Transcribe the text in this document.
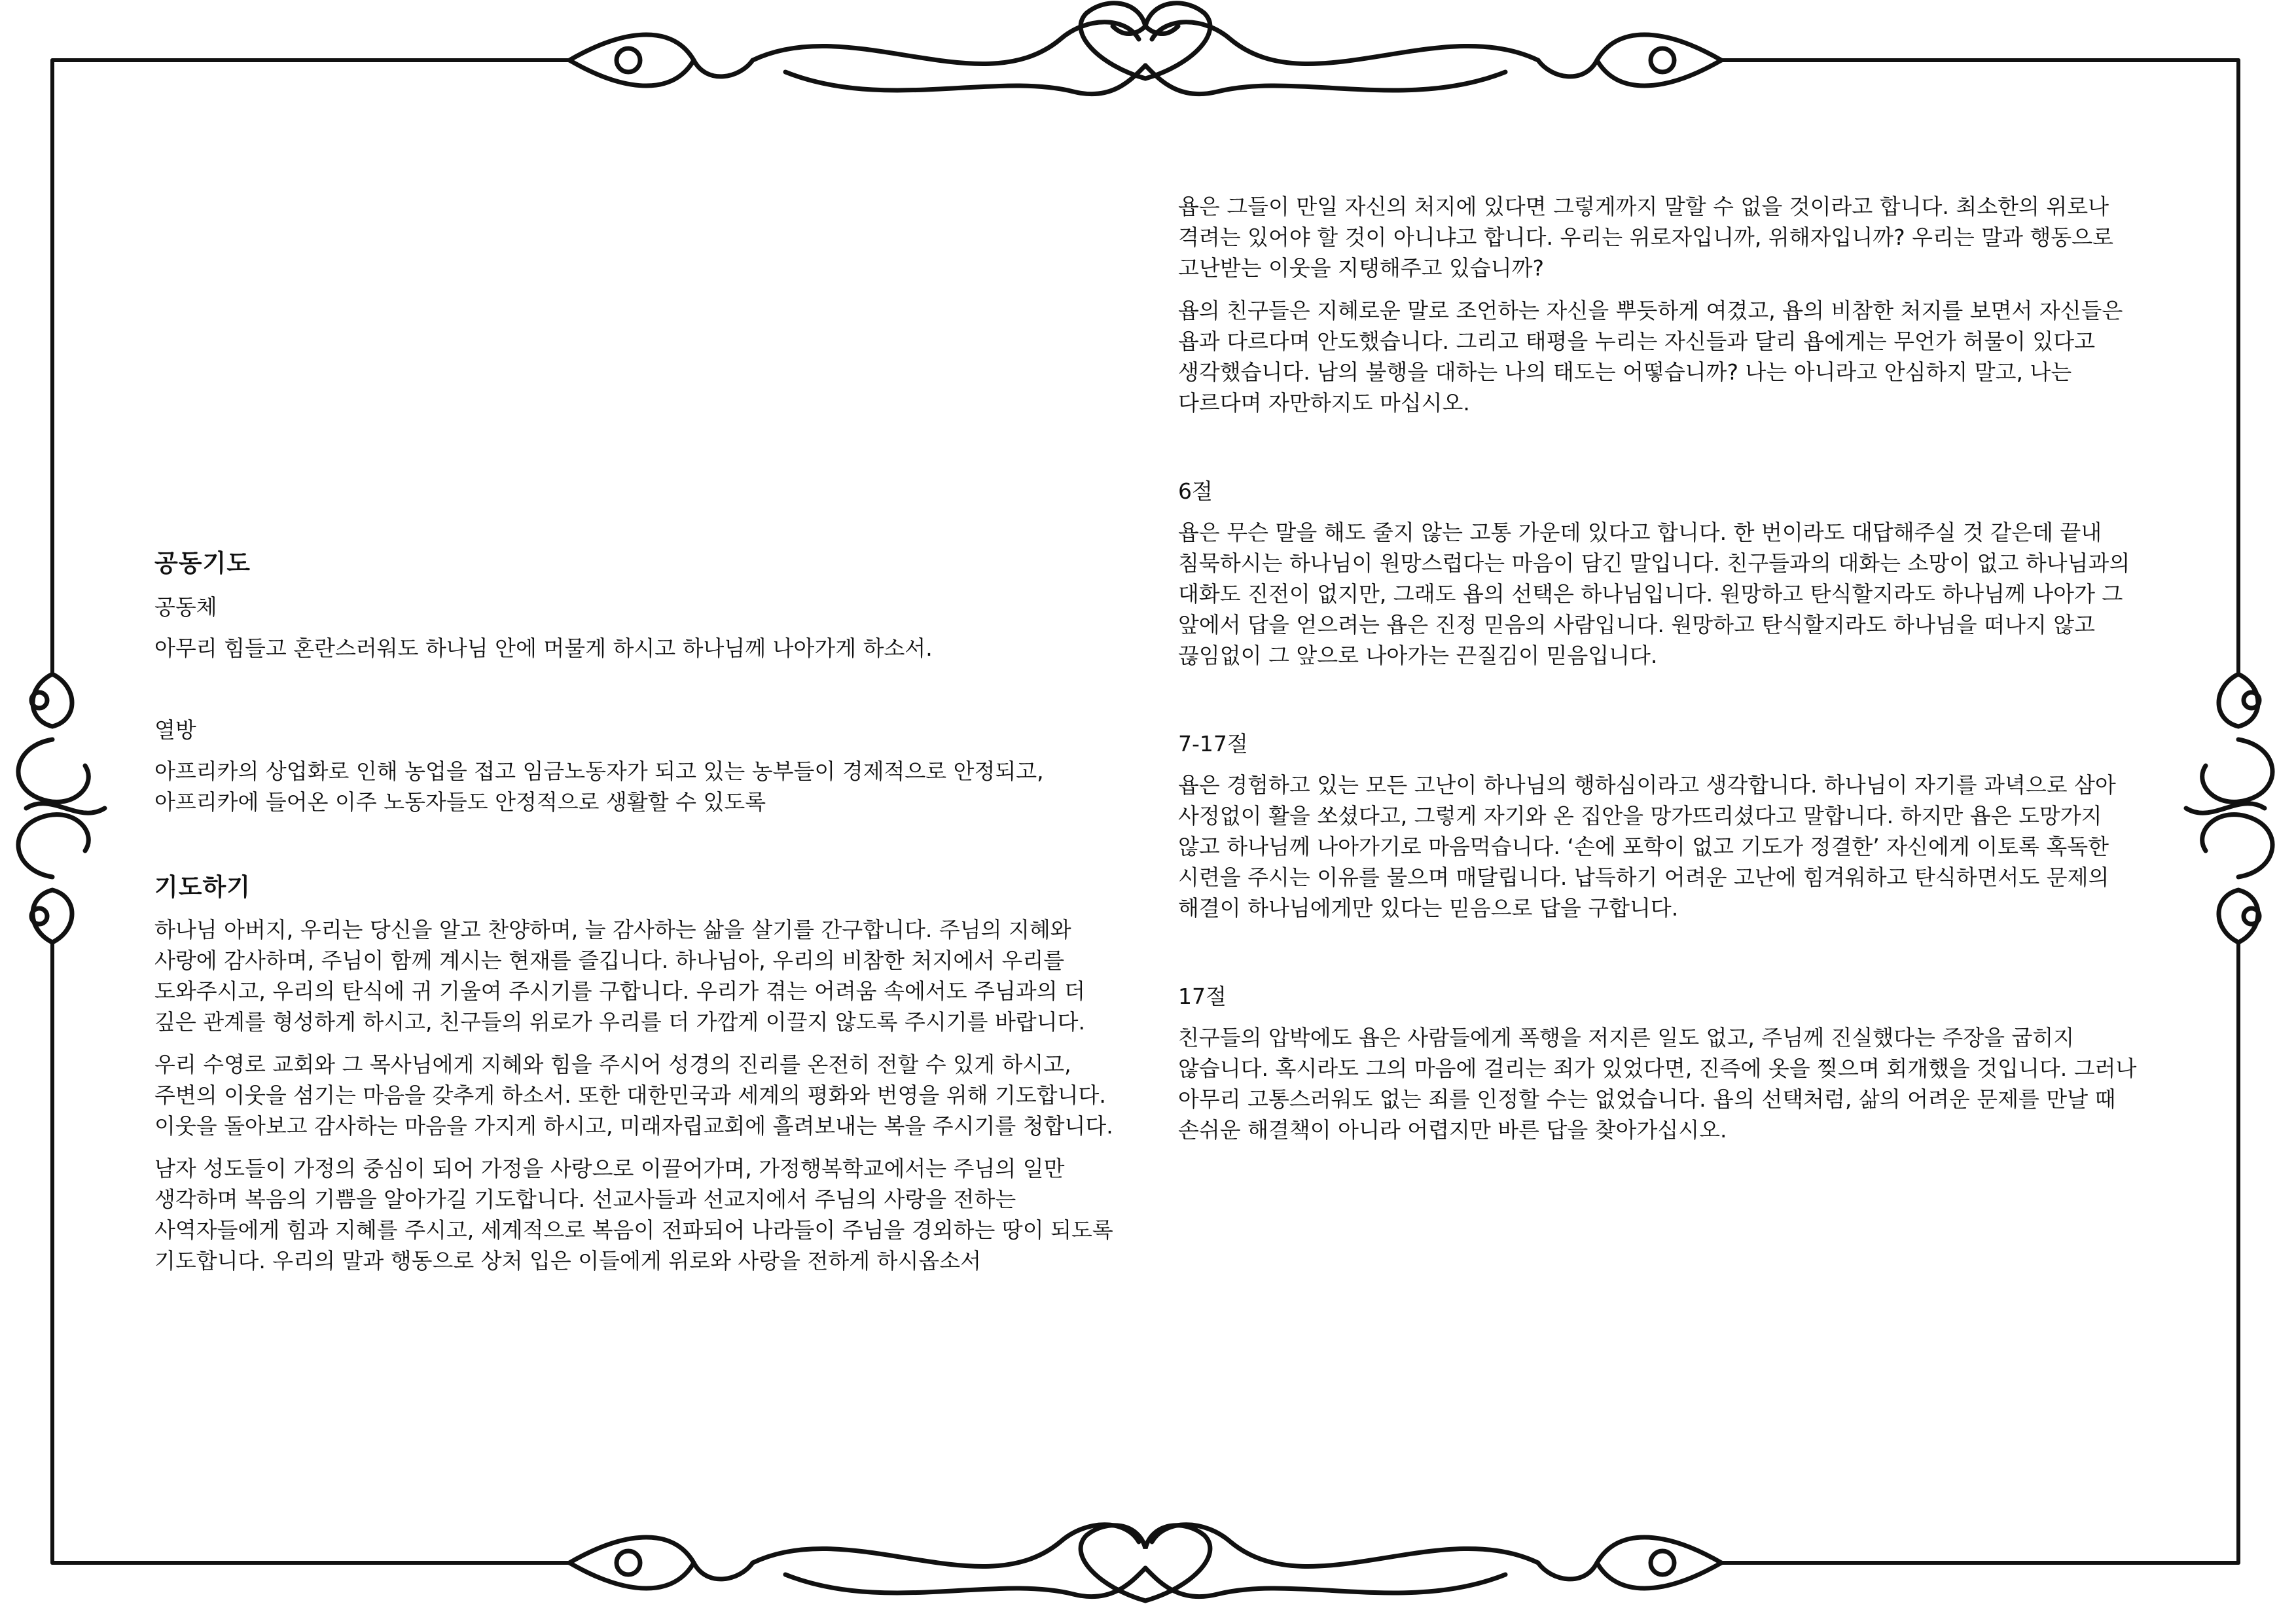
공동기도
공동체

아무리 힘들고 혼란스러워도 하나님 안에 머물게 하시고 하나님께 나아가게 하소서.

열방

아프리카의 상업화로 인해 농업을 접고 임금노동자가 되고 있는 농부들이 경제적으로 안정되고, 아프리카에 들어온 이주 노동자들도 안정적으로 생활할 수 있도록

기도하기

하나님 아버지, 우리는 당신을 알고 찬양하며, 늘 감사하는 삶을 살기를 간구합니다. 주님의 지혜와 사랑에 감사하며, 주님이 함께 계시는 현재를 즐깁니다. 하나님아, 우리의 비참한 처지에서 우리를 도와주시고, 우리의 탄식에 귀 기울여 주시기를 구합니다. 우리가 겪는 어려움 속에서도 주님과의 더 깊은 관계를 형성하게 하시고, 친구들의 위로가 우리를 더 가깝게 이끌지 않도록 주시기를 바랍니다.

우리 수영로 교회와 그 목사님에게 지혜와 힘을 주시어 성경의 진리를 온전히 전할 수 있게 하시고, 주변의 이웃을 섬기는 마음을 갖추게 하소서. 또한 대한민국과 세계의 평화와 번영을 위해 기도합니다. 이웃을 돌아보고 감사하는 마음을 가지게 하시고, 미래자립교회에 흘려보내는 복을 주시기를 청합니다.

남자 성도들이 가정의 중심이 되어 가정을 사랑으로 이끌어가며, 가정행복학교에서는 주님의 일만 생각하며 복음의 기쁨을 알아가길 기도합니다. 선교사들과 선교지에서 주님의 사랑을 전하는 사역자들에게 힘과 지혜를 주시고, 세계적으로 복음이 전파되어 나라들이 주님을 경외하는 땅이 되도록 기도합니다. 우리의 말과 행동으로 상처 입은 이들에게 위로와 사랑을 전하게 하시옵소서

욥은 그들이 만일 자신의 처지에 있다면 그렇게까지 말할 수 없을 것이라고 합니다. 최소한의 위로나 격려는 있어야 할 것이 아니냐고 합니다. 우리는 위로자입니까, 위해자입니까? 우리는 말과 행동으로 고난받는 이웃을 지탱해주고 있습니까?

욥의 친구들은 지혜로운 말로 조언하는 자신을 뿌듯하게 여겼고, 욥의 비참한 처지를 보면서 자신들은 욥과 다르다며 안도했습니다. 그리고 태평을 누리는 자신들과 달리 욥에게는 무언가 허물이 있다고 생각했습니다. 남의 불행을 대하는 나의 태도는 어떻습니까? 나는 아니라고 안심하지 말고, 나는 다르다며 자만하지도 마십시오.

6절

욥은 무슨 말을 해도 줄지 않는 고통 가운데 있다고 합니다. 한 번이라도 대답해주실 것 같은데 끝내 침묵하시는 하나님이 원망스럽다는 마음이 담긴 말입니다. 친구들과의 대화는 소망이 없고 하나님과의 대화도 진전이 없지만, 그래도 욥의 선택은 하나님입니다. 원망하고 탄식할지라도 하나님께 나아가 그 앞에서 답을 얻으려는 욥은 진정 믿음의 사람입니다. 원망하고 탄식할지라도 하나님을 떠나지 않고 끊임없이 그 앞으로 나아가는 끈질김이 믿음입니다.

7-17절

욥은 경험하고 있는 모든 고난이 하나님의 행하심이라고 생각합니다. 하나님이 자기를 과녁으로 삼아 사정없이 활을 쏘셨다고, 그렇게 자기와 온 집안을 망가뜨리셨다고 말합니다. 하지만 욥은 도망가지 않고 하나님께 나아가기로 마음먹습니다. ‘손에 포학이 없고 기도가 정결한’ 자신에게 이토록 혹독한 시련을 주시는 이유를 물으며 매달립니다. 납득하기 어려운 고난에 힘겨워하고 탄식하면서도 문제의 해결이 하나님에게만 있다는 믿음으로 답을 구합니다.

17절

친구들의 압박에도 욥은 사람들에게 폭행을 저지른 일도 없고, 주님께 진실했다는 주장을 굽히지 않습니다. 혹시라도 그의 마음에 걸리는 죄가 있었다면, 진즉에 옷을 찢으며 회개했을 것입니다. 그러나 아무리 고통스러워도 없는 죄를 인정할 수는 없었습니다. 욥의 선택처럼, 삶의 어려운 문제를 만날 때 손쉬운 해결책이 아니라 어렵지만 바른 답을 찾아가십시오.
